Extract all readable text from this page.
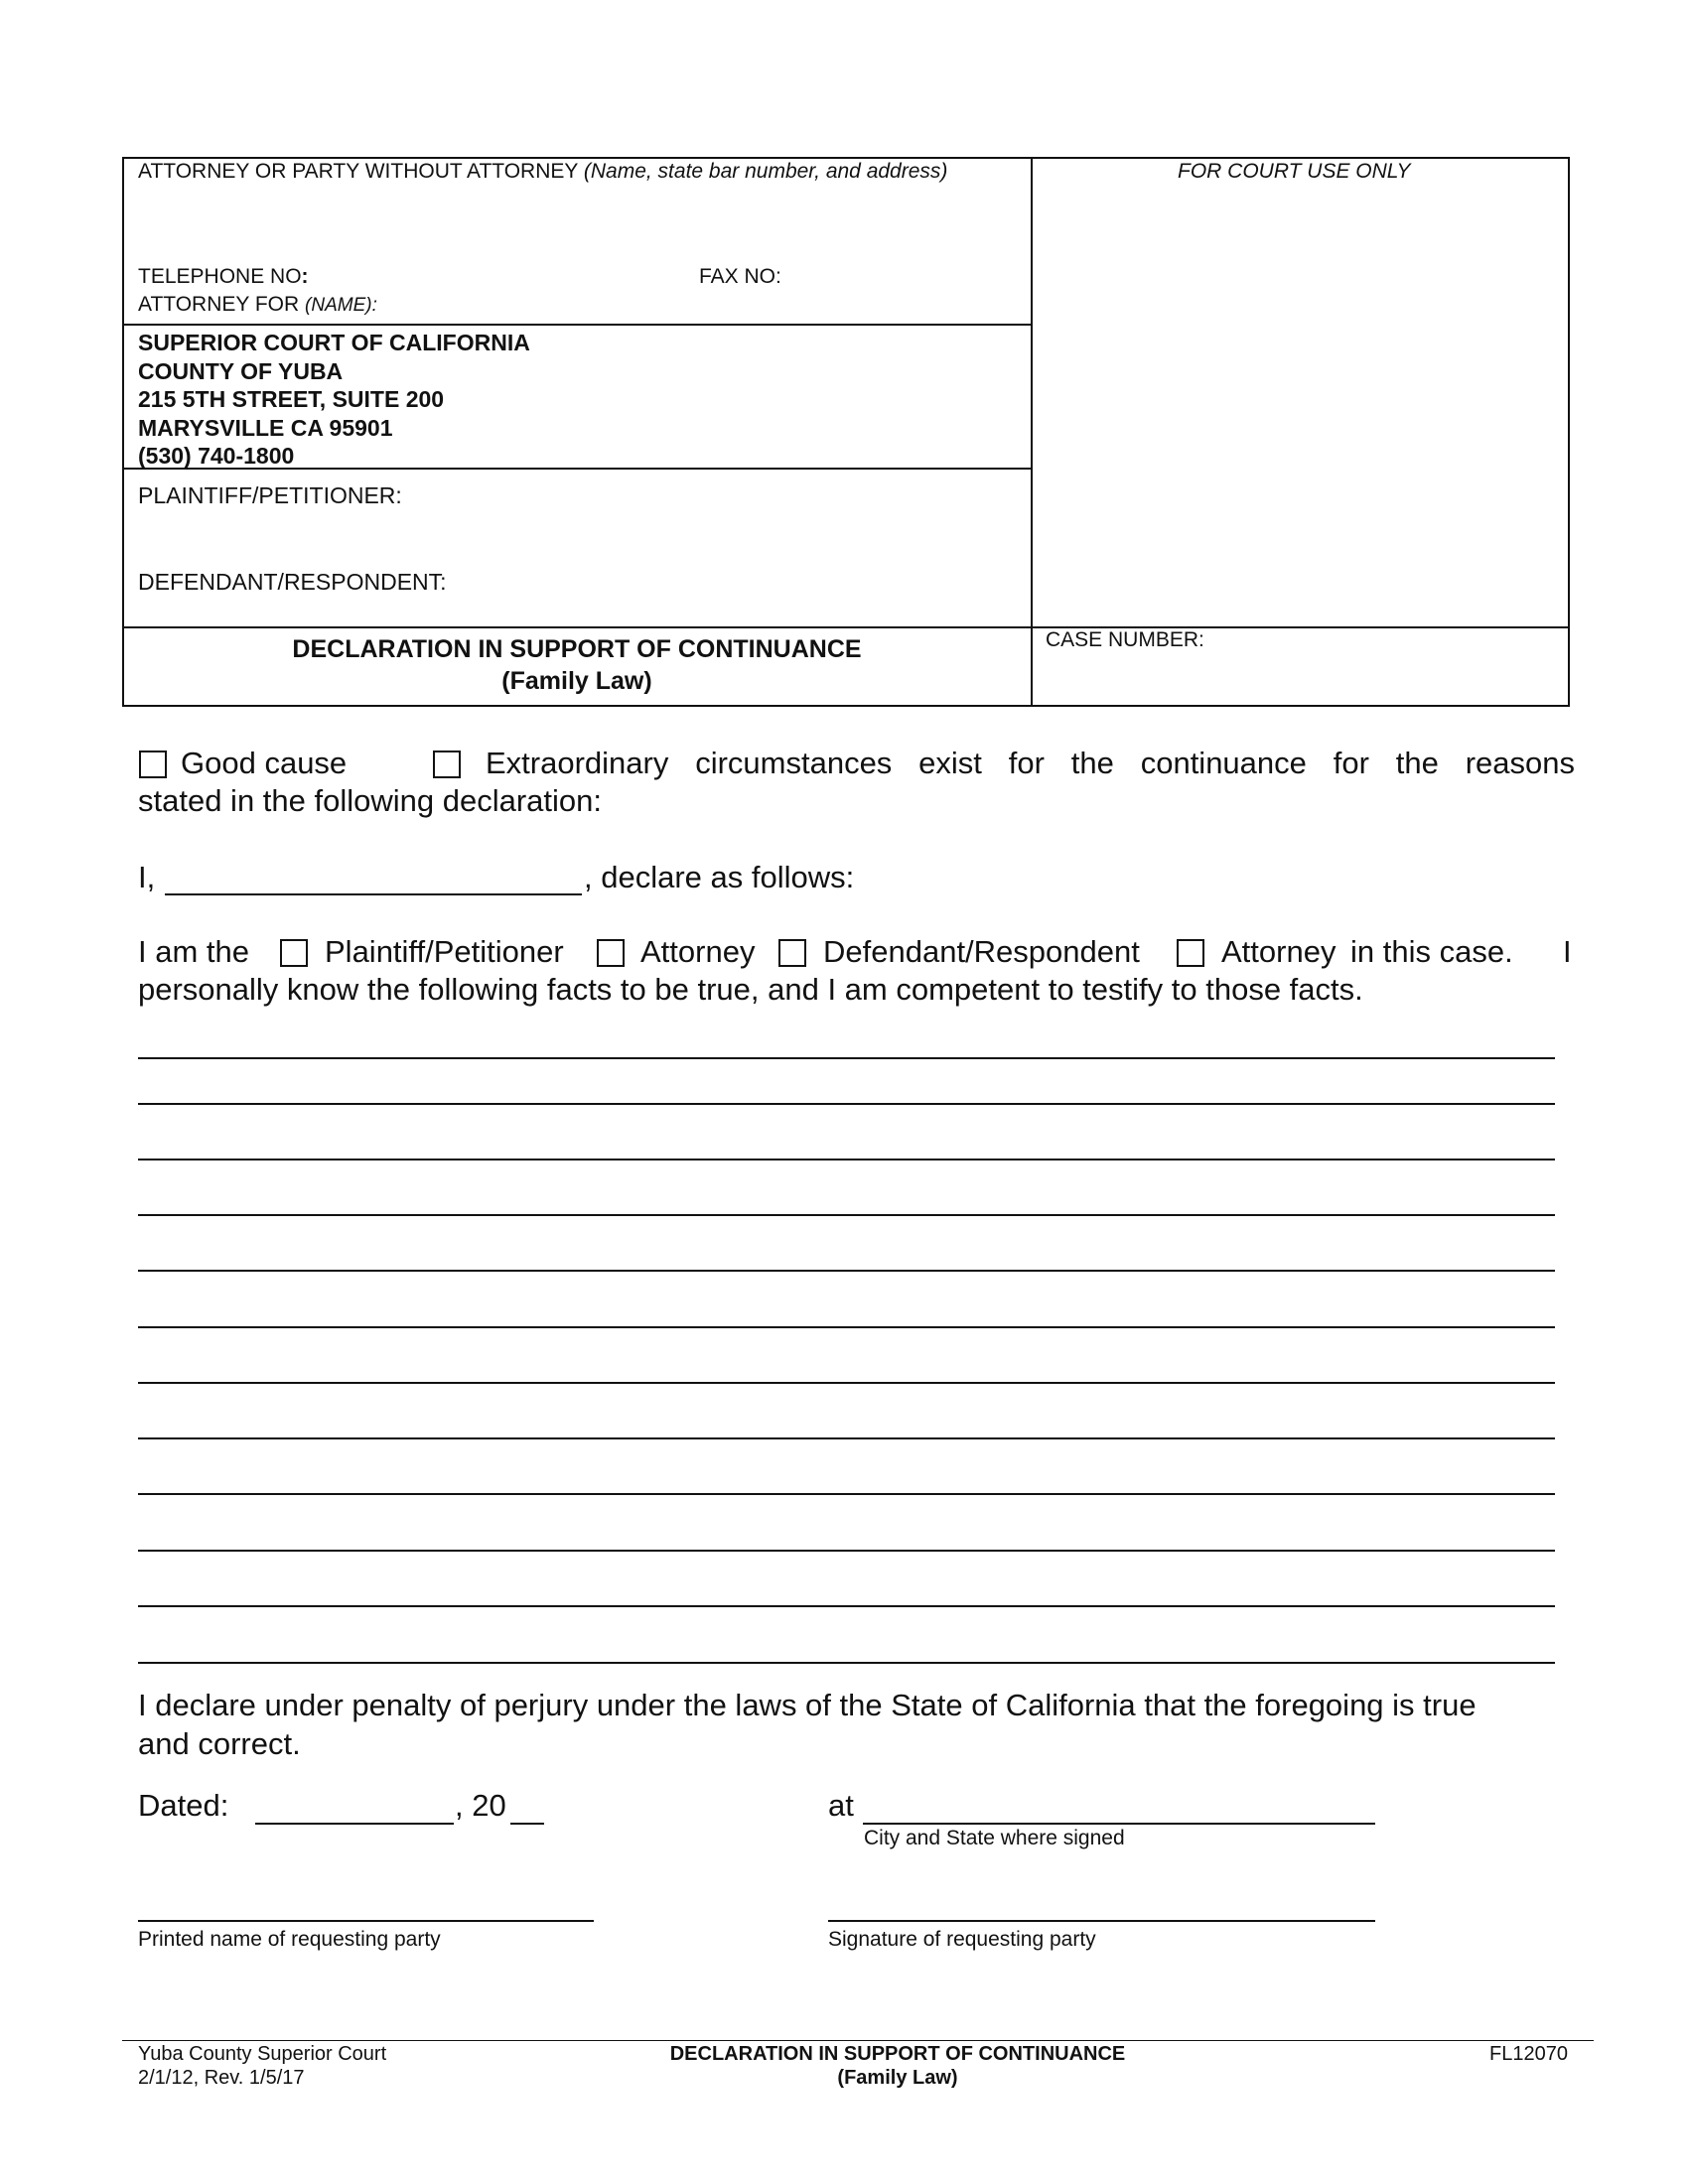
ATTORNEY OR PARTY WITHOUT ATTORNEY (Name, state bar number, and address)	FOR COURT USE ONLY
TELEPHONE NO:	FAX NO:
ATTORNEY FOR (NAME):
SUPERIOR COURT OF CALIFORNIA
COUNTY OF YUBA
215 5TH STREET, SUITE 200
MARYSVILLE CA 95901
(530) 740-1800
PLAINTIFF/PETITIONER:
DEFENDANT/RESPONDENT:
DECLARATION IN SUPPORT OF CONTINUANCE
(Family Law)
CASE NUMBER:
Good cause	Extraordinary circumstances exist for the continuance for the reasons
stated in the following declaration:
I,	, declare as follows:
I am the Plaintiff/Petitioner Attorney Defendant/Respondent	Attorney in this case. I
personally know the following facts to be true, and I am competent to testify to those facts.
I declare under penalty of perjury under the laws of the State of California that the foregoing is true
and correct.
Dated:	, 20	at
City and State where signed
Printed name of requesting party	Signature of requesting party
Yuba County Superior Court
2/1/12, Rev. 1/5/17
DECLARATION IN SUPPORT OF CONTINUANCE
(Family Law)
FL12070
